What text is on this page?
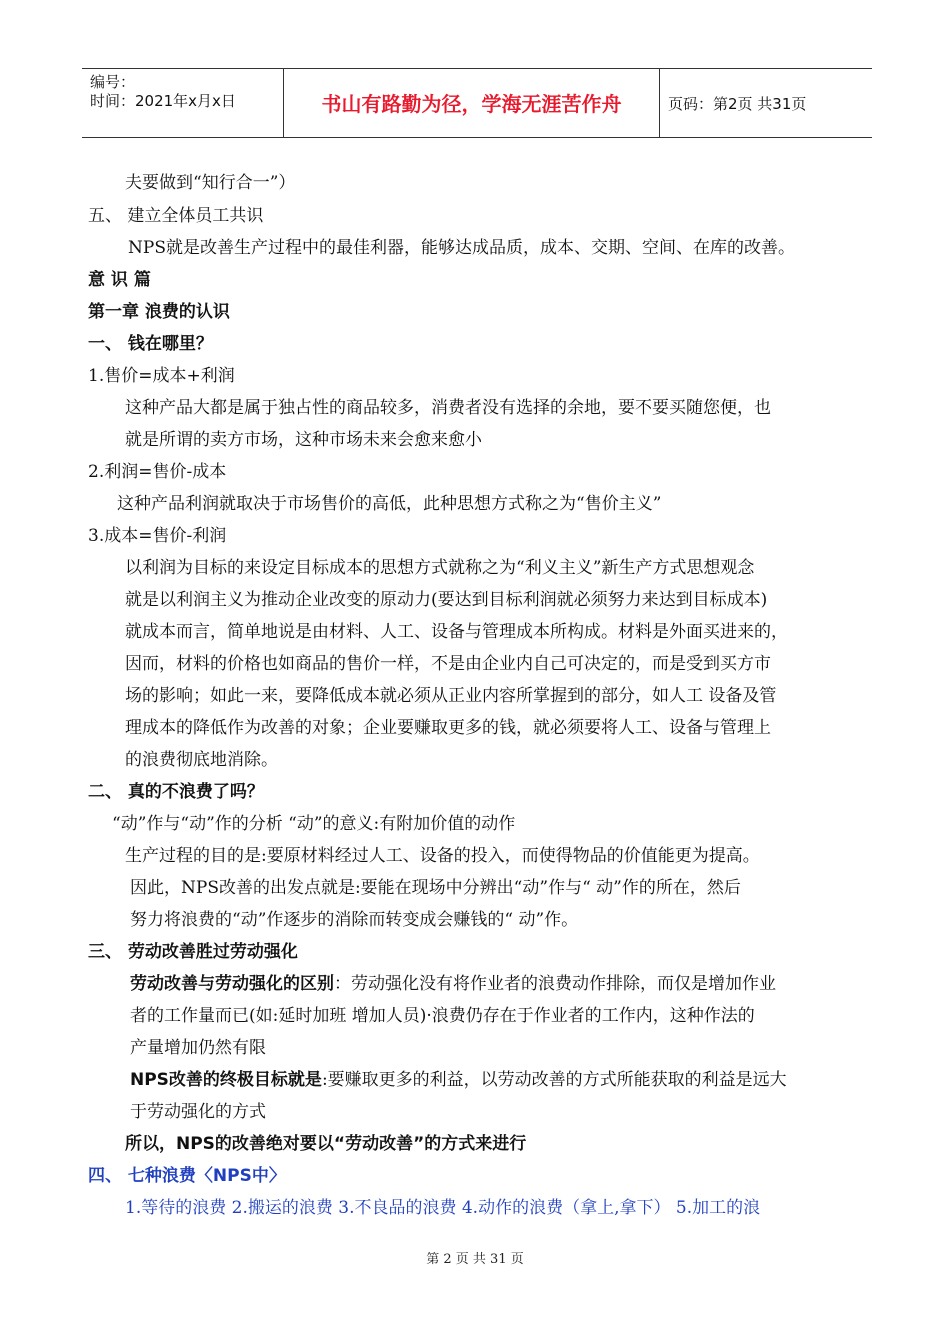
编号：
时间：2021年x月x日	书山有路勤为径，学海无涯苦作舟	页码：第2页 共31页
夫要做到“知行合一”）
五、 建立全体员工共识
NPS就是改善生产过程中的最佳利器，能够达成品质，成本、交期、空间、在库的改善。
意 识 篇
第一章 浪费的认识
一、 钱在哪里？
1.售价=成本+利润
这种产品大都是属于独占性的商品较多，消费者没有选择的余地，要不要买随您便，也
就是所谓的卖方市场，这种市场未来会愈来愈小
2.利润=售价-成本
这种产品利润就取决于市场售价的高低，此种思想方式称之为“售价主义”
3.成本=售价-利润
以利润为目标的来设定目标成本的思想方式就称之为“利义主义”新生产方式思想观念
就是以利润主义为推动企业改变的原动力(要达到目标利润就必须努力来达到目标成本)
就成本而言，简单地说是由材料、人工、设备与管理成本所构成。材料是外面买进来的，
因而，材料的价格也如商品的售价一样，不是由企业内自己可决定的，而是受到买方市
场的影响；如此一来，要降低成本就必须从正业内容所掌握到的部分，如人工 设备及管
理成本的降低作为改善的对象；企业要赚取更多的钱，就必须要将人工、设备与管理上
的浪费彻底地消除。
二、 真的不浪费了吗？
“动”作与“动”作的分析 “动”的意义:有附加价值的动作
生产过程的目的是:要原材料经过人工、设备的投入，而使得物品的价值能更为提高。
因此，NPS改善的出发点就是:要能在现场中分辨出“动”作与“ 动”作的所在，然后
努力将浪费的“动”作逐步的消除而转变成会赚钱的“ 动”作。
三、 劳动改善胜过劳动强化
劳动改善与劳动强化的区别：劳动强化没有将作业者的浪费动作排除，而仅是增加作业
者的工作量而已(如:延时加班 增加人员)·浪费仍存在于作业者的工作内，这种作法的
产量增加仍然有限
NPS改善的终极目标就是:要赚取更多的利益，以劳动改善的方式所能获取的利益是远大
于劳动强化的方式
所以，NPS的改善绝对要以“劳动改善”的方式来进行
四、 七种浪费〈NPS中〉
1.等待的浪费 2.搬运的浪费 3.不良品的浪费 4.动作的浪费（拿上,拿下） 5.加工的浪
第 2 页 共 31 页
